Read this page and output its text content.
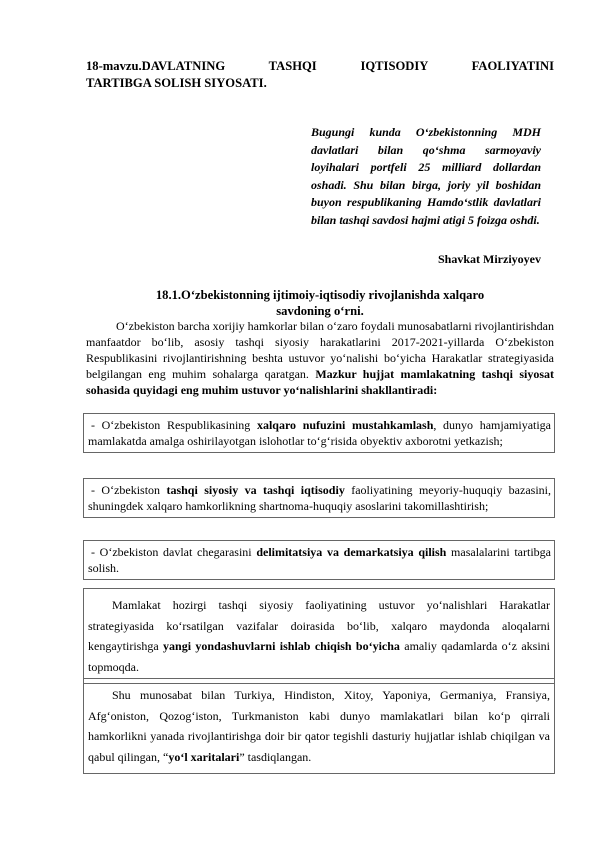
18-mavzu.DAVLATNING TASHQI IQTISODIY FAOLIYATINI
TARTIBGA SOLISH SIYOSATI.
Bugungi kunda O‘zbekistonning MDH davlatlari bilan qo‘shma sarmoyaviy loyihalari portfeli 25 milliard dollardan oshadi. Shu bilan birga, joriy yil boshidan buyon respublikaning Hamdo‘stlik davlatlari bilan tashqi savdosi hajmi atigi 5 foizga oshdi.
Shavkat Mirziyoyev
18.1.O‘zbekistonning ijtimoiy-iqtisodiy rivojlanishda xalqaro
savdoning o‘rni.
O‘zbekiston barcha xorijiy hamkorlar bilan o‘zaro foydali munosabatlarni rivojlantirishdan manfaatdor bo‘lib, asosiy tashqi siyosiy harakatlarini 2017-2021-yillarda O‘zbekiston Respublikasini rivojlantirishning beshta ustuvor yo‘nalishi bo‘yicha Harakatlar strategiyasida belgilangan eng muhim sohalarga qaratgan. Mazkur hujjat mamlakatning tashqi siyosat sohasida quyidagi eng muhim ustuvor yo‘nalishlarini shakllantiradi:
- O‘zbekiston Respublikasining xalqaro nufuzini mustahkamlash, dunyo hamjamiyatiga mamlakatda amalga oshirilayotgan islohotlar to‘g‘risida obyektiv axborotni yetkazish;
- O‘zbekiston tashqi siyosiy va tashqi iqtisodiy faoliyatining meyoriy-huquqiy bazasini, shuningdek xalqaro hamkorlikning shartnoma-huquqiy asoslarini takomillashtirish;
- O‘zbekiston davlat chegarasini delimitatsiya va demarkatsiya qilish masalalarini tartibga solish.
Mamlakat hozirgi tashqi siyosiy faoliyatining ustuvor yo‘nalishlari Harakatlar strategiyasida ko‘rsatilgan vazifalar doirasida bo‘lib, xalqaro maydonda aloqalarni kengaytirishga yangi yondashuvlarni ishlab chiqish bo‘yicha amaliy qadamlarda o‘z aksini topmoqda.
Shu munosabat bilan Turkiya, Hindiston, Xitoy, Yaponiya, Germaniya, Fransiya, Afg‘oniston, Qozog‘iston, Turkmaniston kabi dunyo mamlakatlari bilan ko‘p qirrali hamkorlikni yanada rivojlantirishga doir bir qator tegishli dasturiy hujjatlar ishlab chiqilgan va qabul qilingan, “yo‘l xaritalari” tasdiqlangan.
